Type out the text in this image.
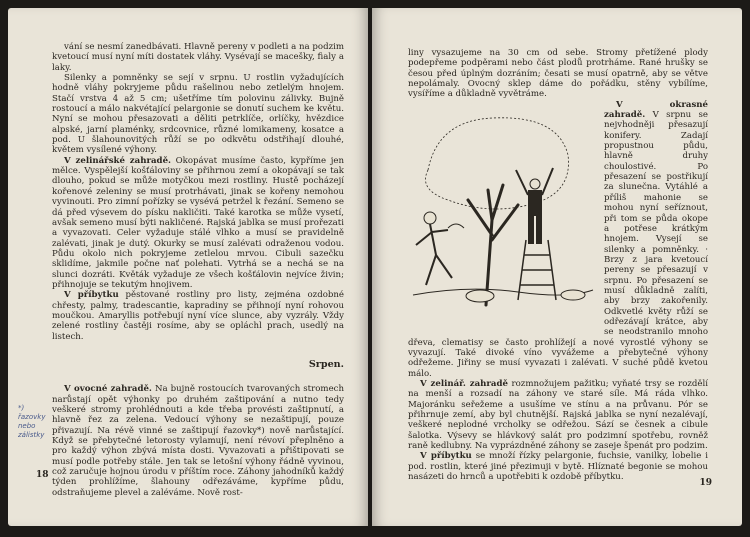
vání se nesmí zanedbávati. Hlavně pereny v podleti a na podzim kvetoucí musí nyní míti dostatek vláhy. Vysévají se macešky, fialy a laky.

Silenky a pomněnky se sejí v srpnu. U rostlin vyžadujících hodně vláhy pokryjeme půdu rašelinou nebo zetlelým hnojem. Stačí vrstva 4 až 5 cm; ušetříme tím polovinu zálivky. Bujně rostoucí a málo nakvétající pelargonie se donutí suchem ke květu. Nyní se mohou přesazovati a děliti petrklíče, orlíčky, hvězdice alpské, jarní plaménky, srdcovnice, různé lomikameny, kosatce a pod. U šlahounovitých růží se po odkvětu odstřihají dlouhé, květem vysílené výhony.

V zelinářské zahradě. Okopávat musíme často, kypříme jen mělce. Vyspělejší košťáloviny se přihrnou zemí a okopávají se tak dlouho, pokud se může motyčkou mezi rostliny. Hustě pocházejí kořenové zeleniny se musí protrhávati, jinak se kořeny nemohou vyvinouti. Pro zimní pořízky se vysévá petržel k řezání. Semeno se dá před výsevem do písku nakličiti. Také karotka se může vysetí, avšak semeno musí býti nakličené. Rajská jablka se musí prořezati a vyvazovati. Celer vyžaduje stálé vlhko a musí se pravidelně zalévati, jinak je dutý. Okurky se musí zalévati odraženou vodou. Půdu okolo nich pokryjeme zetlelou mrvou. Cibuli sazečku sklidíme, jakmile počne nať polehati. Vytrhá se a nechá se na slunci dozráti. Květák vyžaduje ze všech košťálovin nejvíce živin; přihnojuje se tekutým hnojivem.

V příbytku pěstované rostliny pro listy, zejména ozdobné chřesty, palmy, tradescantie, kapradiny se přihnojí nyní rohovou moučkou. Amaryllis potřebují nyní více slunce, aby vyzrály. Vždy zelené rostliny častěji rosíme, aby se opláchl prach, usedlý na listech.

Srpen.

V ovocné zahradě. Na bujně rostoucích tvarovaných stromech narůstají opět výhonky po druhém zaštipování a nutno tedy veškeré stromy prohlédnouti a kde třeba provésti zaštipnutí, a hlavně řez za zelena. Vedoucí výhony se nezaštipují, pouze přivazují. Na révě vinné se zaštipují řazovky*) nově narůstající. Když se přebytečné letorosty vylamují, není révoví přeplněno a pro každý výhon zbývá místa dosti. Vyvazovati a přištipovati se musí podle potřeby stále. Jen tak se letošní výhony řádně vyvinou, což zaručuje hojnou úrodu v příštím roce. Záhony jahodníků každý týden prohlížíme, šlahouny odřezáváme, kypříme půdu, odstraňujeme plevel a zaléváme. Nově rost-

*)
řazovky
nebo
zálistky
18

liny vysazujeme na 30 cm od sebe. Stromy přetížené plody podepřeme podpěrami nebo část plodů protrháme. Rané hrušky se česou před úplným dozráním; česati se musí opatrně, aby se větve nepolámaly. Ovocný sklep dáme do pořádku, stěny vybílíme, vysíříme a důkladně vyvětráme.

V okrasné zahradě. V srpnu se nejvhodněji přesazují konifery. Zadají propustnou půdu, hlavně druhy choulostivé. Po přesazení se postřikují za slunečna. Vytáhlé a příliš mahonie se mohou nyní seříznout, při tom se půda okope a potřese krátkým hnojem. Vysejí se silenky a pomněnky. · Brzy z jara kvetoucí pereny se přesazují v srpnu. Po přesazení se musí důkladně zalíti, aby brzy zakořenily. Odkvetlé květy růží se odřezávají krátce, aby se neodstranilo mnoho dřeva, clematisy se často prohlížejí a nové vyrostlé výhony se vyvazují. Také divoké víno vyvážeme a přebytečné výhony odřežeme. Jiřiny se musí vyvazati i zalévati. V suché půdě kvetou málo.

V zelinář. zahradě rozmnožujem pažitku; vyňaté trsy se rozdělí na menší a rozsadí na záhony ve staré síle. Má ráda vlhko. Majoránku seřežeme a usušíme ve stínu a na průvanu. Pór se přihrnuje zemí, aby byl chutnější. Rajská jablka se nyní nezalévají, veškeré neplodné vrcholky se odřežou. Sází se česnek a cibule šalotka. Výsevy se hlávkový salát pro podzimní spotřebu, rovněž raně kedlubny. Na vyprázdněné záhony se zaseje špenát pro podzim.

V příbytku se množí řízky pelargonie, fuchsie, vanilky, lobelie i pod. rostlin, které jiné přezimuji v bytě. Hlíznaté begonie se mohou nasázeti do hrnců a upotřebiti k ozdobě příbytku.

19
